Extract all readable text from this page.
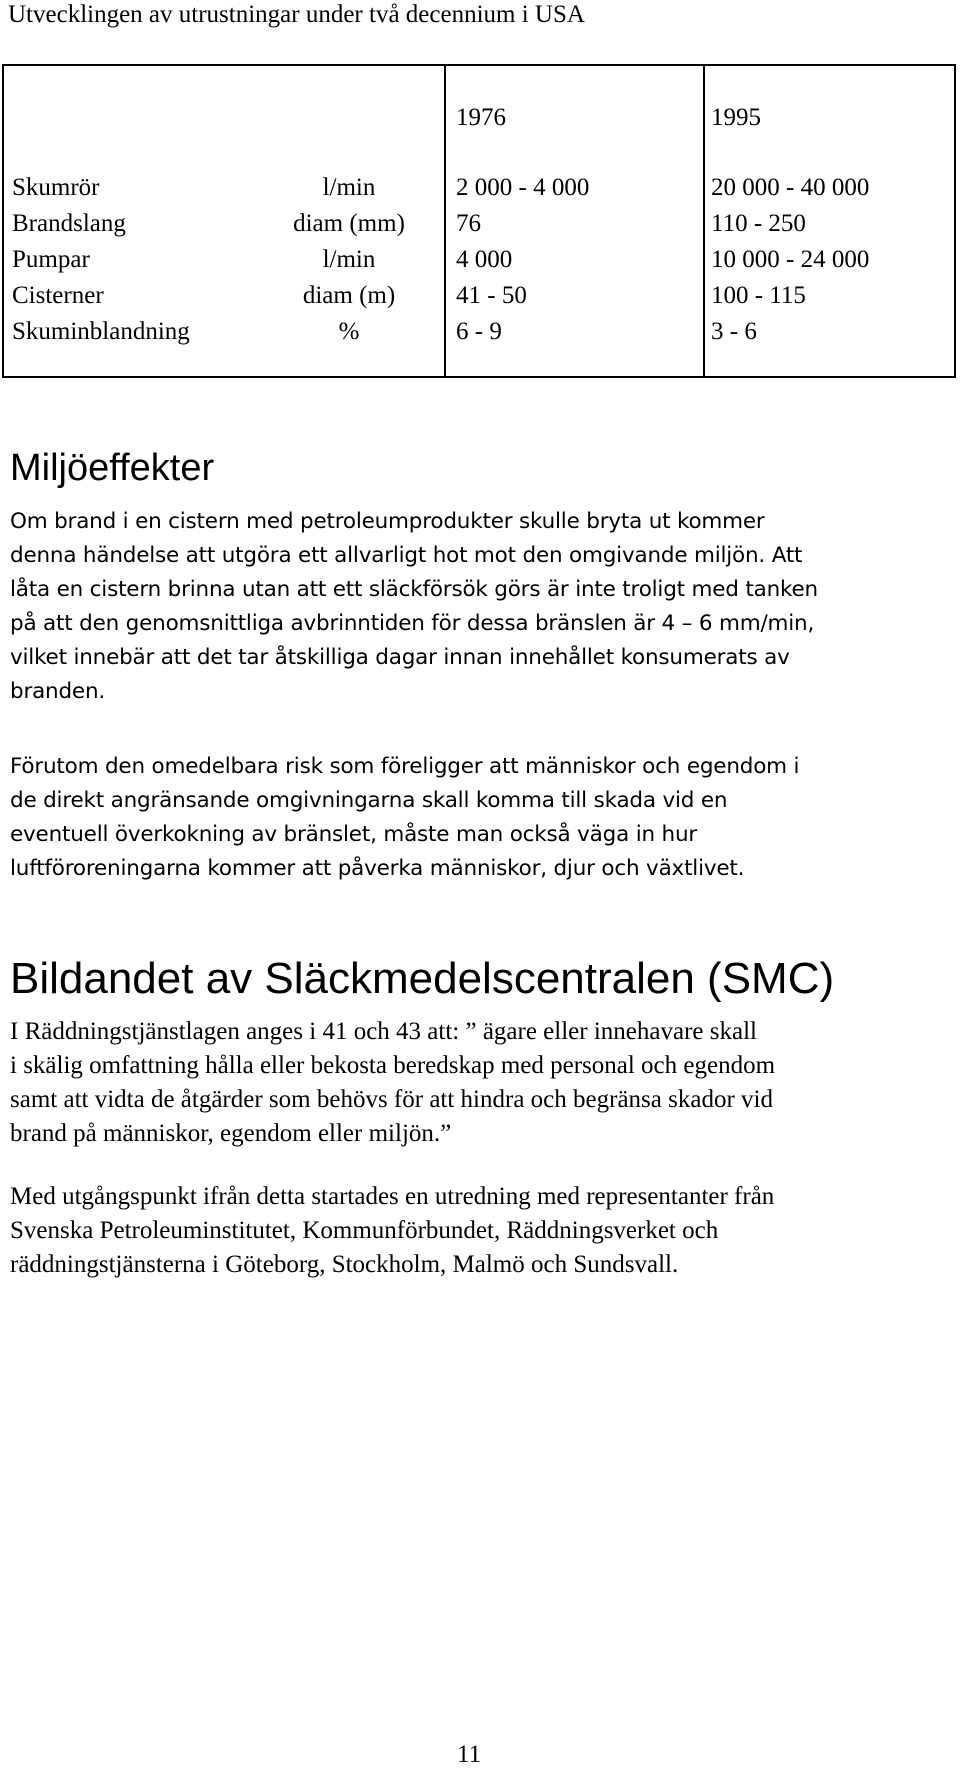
Utvecklingen av utrustningar under två decennium i USA
1976	1995
Skumrör
Brandslang
Pumpar
Cisterner
Skuminblandning
l/min
diam (mm)
l/min
diam (m)
%
2 000 - 4 000
76
4 000
41 - 50
6 - 9
20 000 - 40 000
110 - 250
10 000 - 24 000
100 - 115
3 - 6
Miljöeffekter

Om brand i en cistern med petroleumprodukter skulle bryta ut kommer
denna händelse att utgöra ett allvarligt hot mot den omgivande miljön. Att
låta en cistern brinna utan att ett släckförsök görs är inte troligt med tanken
på att den genomsnittliga avbrinntiden för dessa bränslen är 4 – 6 mm/min,
vilket innebär att det tar åtskilliga dagar innan innehållet konsumerats av
branden.

Förutom den omedelbara risk som föreligger att människor och egendom i
de direkt angränsande omgivningarna skall komma till skada vid en
eventuell överkokning av bränslet, måste man också väga in hur
luftföroreningarna kommer att påverka människor, djur och växtlivet.

Bildandet av Släckmedelscentralen (SMC)

I Räddningstjänstlagen anges i 41 och 43 att: ” ägare eller innehavare skall
i skälig omfattning hålla eller bekosta beredskap med personal och egendom
samt att vidta de åtgärder som behövs för att hindra och begränsa skador vid
brand på människor, egendom eller miljön.”

Med utgångspunkt ifrån detta startades en utredning med representanter från
Svenska Petroleuminstitutet, Kommunförbundet, Räddningsverket och
räddningstjänsterna i Göteborg, Stockholm, Malmö och Sundsvall.

11
